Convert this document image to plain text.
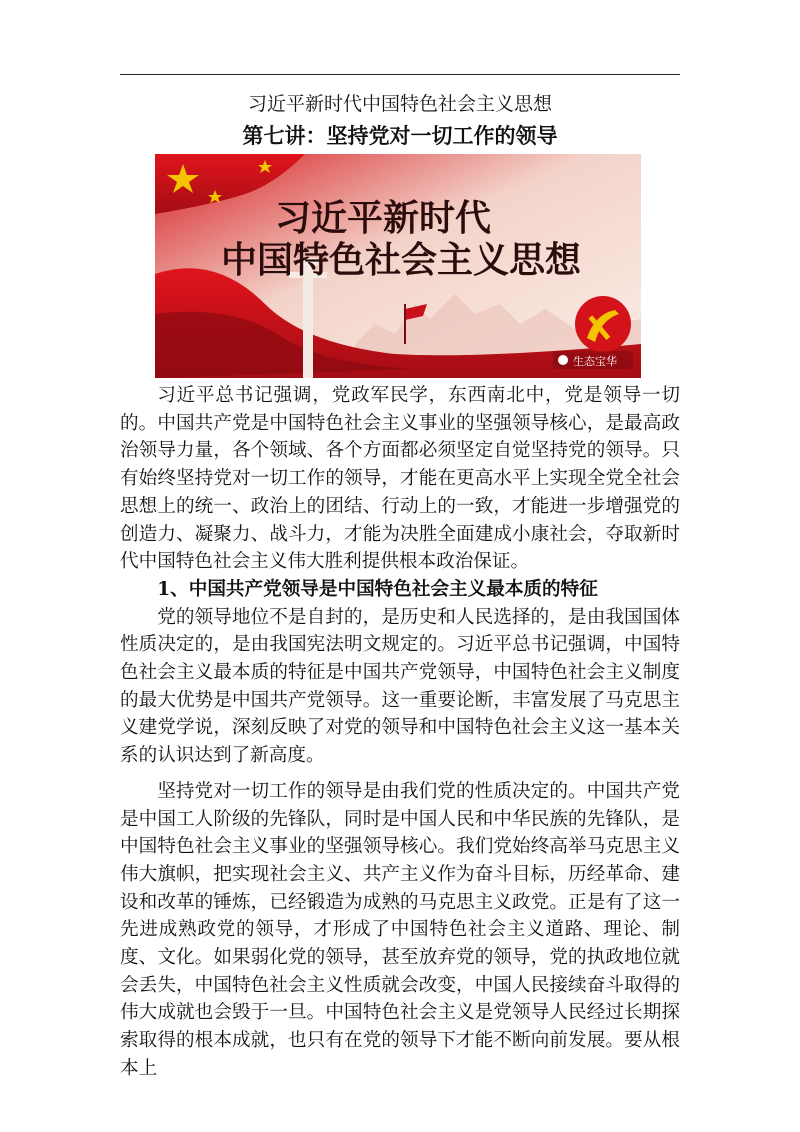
习近平新时代中国特色社会主义思想
第七讲：坚持党对一切工作的领导
习近平新时代
中国特色社会主义思想
生态宝华

习近平总书记强调，党政军民学，东西南北中，党是领导一切的。中国共产党是中国特色社会主义事业的坚强领导核心，是最高政治领导力量，各个领域、各个方面都必须坚定自觉坚持党的领导。只有始终坚持党对一切工作的领导，才能在更高水平上实现全党全社会思想上的统一、政治上的团结、行动上的一致，才能进一步增强党的创造力、凝聚力、战斗力，才能为决胜全面建成小康社会，夺取新时代中国特色社会主义伟大胜利提供根本政治保证。

1、中国共产党领导是中国特色社会主义最本质的特征

党的领导地位不是自封的，是历史和人民选择的，是由我国国体性质决定的，是由我国宪法明文规定的。习近平总书记强调，中国特色社会主义最本质的特征是中国共产党领导，中国特色社会主义制度的最大优势是中国共产党领导。这一重要论断，丰富发展了马克思主义建党学说，深刻反映了对党的领导和中国特色社会主义这一基本关系的认识达到了新高度。

坚持党对一切工作的领导是由我们党的性质决定的。中国共产党是中国工人阶级的先锋队，同时是中国人民和中华民族的先锋队，是中国特色社会主义事业的坚强领导核心。我们党始终高举马克思主义伟大旗帜，把实现社会主义、共产主义作为奋斗目标，历经革命、建设和改革的锤炼，已经锻造为成熟的马克思主义政党。正是有了这一先进成熟政党的领导，才形成了中国特色社会主义道路、理论、制度、文化。如果弱化党的领导，甚至放弃党的领导，党的执政地位就会丢失，中国特色社会主义性质就会改变，中国人民接续奋斗取得的伟大成就也会毁于一旦。中国特色社会主义是党领导人民经过长期探索取得的根本成就，也只有在党的领导下才能不断向前发展。要从根本上
